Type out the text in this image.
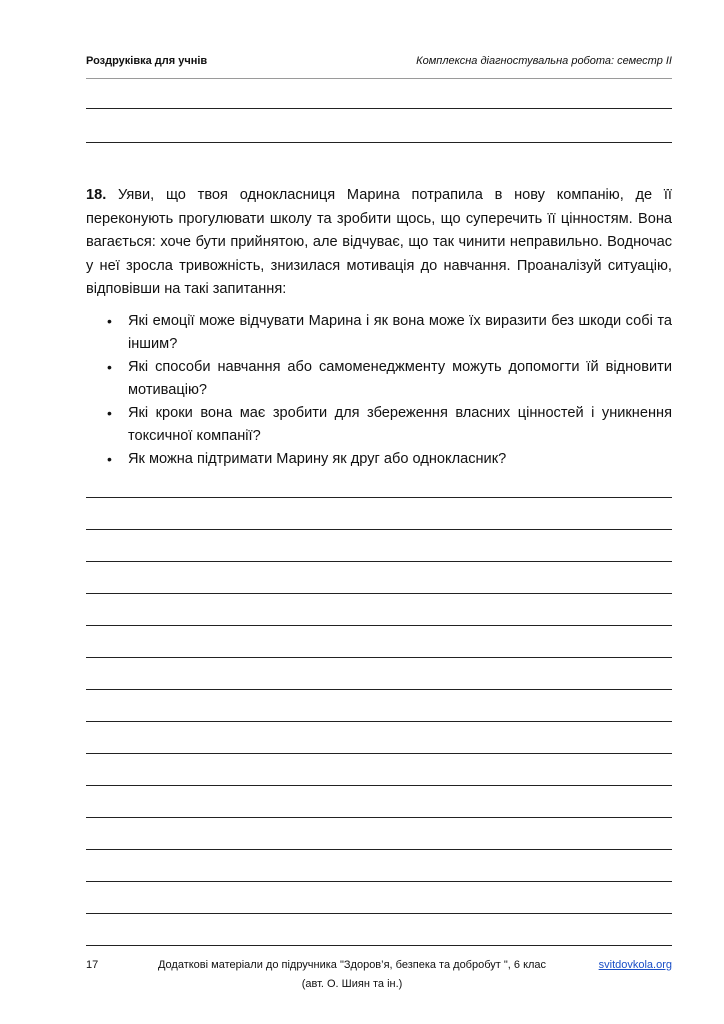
Роздруківка для учнів	Комплексна діагностувальна робота: семестр II
18. Уяви, що твоя однокласниця Марина потрапила в нову компанію, де її переконують прогулювати школу та зробити щось, що суперечить її цінностям. Вона вагається: хоче бути прийнятою, але відчуває, що так чинити неправильно. Водночас у неї зросла тривожність, знизилася мотивація до навчання. Проаналізуй ситуацію, відповівши на такі запитання:
• Які емоції може відчувати Марина і як вона може їх виразити без шкоди собі та іншим?
• Які способи навчання або самоменеджменту можуть допомогти їй відновити мотивацію?
• Які кроки вона має зробити для збереження власних цінностей і уникнення токсичної компанії?
• Як можна підтримати Марину як друг або однокласник?
17	Додаткові матеріали до підручника "Здоров’я, безпека та добробут ", 6 клас
(авт. О. Шиян та ін.)
svitdovkola.org
